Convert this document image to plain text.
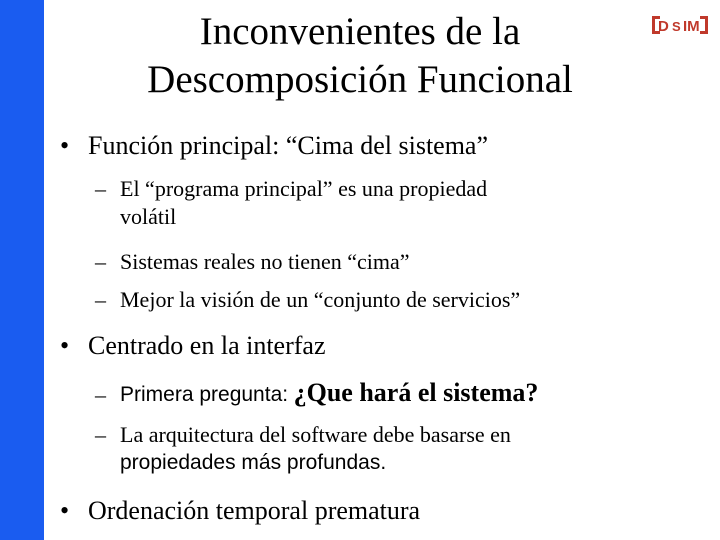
D S IM
Inconvenientes de la
Descomposición Funcional
• Función principal: “Cima del sistema”
– El “programa principal” es una propiedad
volátil
– Sistemas reales no tienen “cima”
– Mejor la visión de un “conjunto de servicios”
• Centrado en la interfaz
– Primera pregunta: ¿Que hará el sistema?
– La arquitectura del software debe basarse en
propiedades más profundas.
• Ordenación temporal prematura
